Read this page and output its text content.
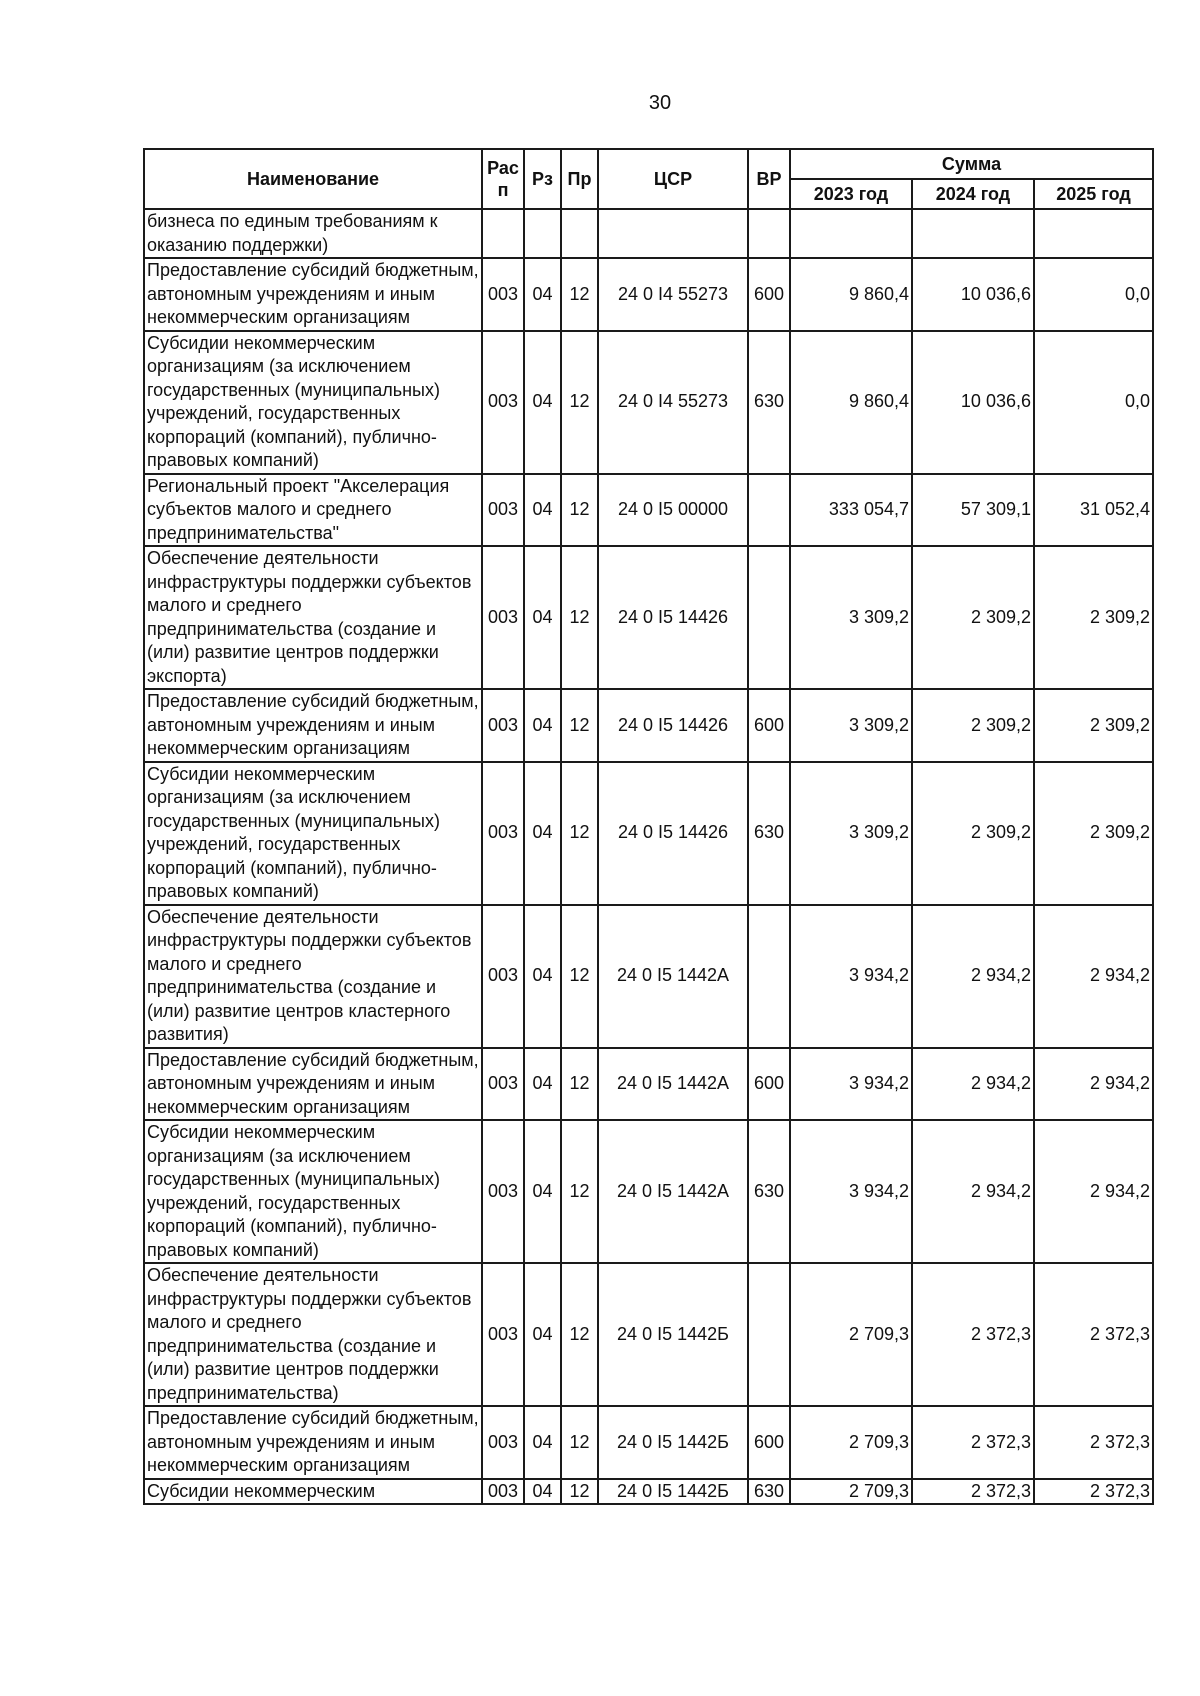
30
Наименование	Рас п	Рз	Пр	ЦСР	ВР	Сумма		
						2023 год	2024 год	2025 год
бизнеса по единым требованиям к оказанию поддержки)								
Предоставление субсидий бюджетным, автономным учреждениям и иным некоммерческим организациям	003	04	12	24 0 I4 55273	600	9 860,4	10 036,6	0,0
Субсидии некоммерческим организациям (за исключением государственных (муниципальных) учреждений, государственных корпораций (компаний), публично-правовых компаний)	003	04	12	24 0 I4 55273	630	9 860,4	10 036,6	0,0
Региональный проект "Акселерация субъектов малого и среднего предпринимательства"	003	04	12	24 0 I5 00000		333 054,7	57 309,1	31 052,4
Обеспечение деятельности инфраструктуры поддержки субъектов малого и среднего предпринимательства (создание и (или) развитие центров поддержки экспорта)	003	04	12	24 0 I5 14426		3 309,2	2 309,2	2 309,2
Предоставление субсидий бюджетным, автономным учреждениям и иным некоммерческим организациям	003	04	12	24 0 I5 14426	600	3 309,2	2 309,2	2 309,2
Субсидии некоммерческим организациям (за исключением государственных (муниципальных) учреждений, государственных корпораций (компаний), публично-правовых компаний)	003	04	12	24 0 I5 14426	630	3 309,2	2 309,2	2 309,2
Обеспечение деятельности инфраструктуры поддержки субъектов малого и среднего предпринимательства (создание и (или) развитие центров кластерного развития)	003	04	12	24 0 I5 1442А		3 934,2	2 934,2	2 934,2
Предоставление субсидий бюджетным, автономным учреждениям и иным некоммерческим организациям	003	04	12	24 0 I5 1442А	600	3 934,2	2 934,2	2 934,2
Субсидии некоммерческим организациям (за исключением государственных (муниципальных) учреждений, государственных корпораций (компаний), публично-правовых компаний)	003	04	12	24 0 I5 1442А	630	3 934,2	2 934,2	2 934,2
Обеспечение деятельности инфраструктуры поддержки субъектов малого и среднего предпринимательства (создание и (или) развитие центров поддержки предпринимательства)	003	04	12	24 0 I5 1442Б		2 709,3	2 372,3	2 372,3
Предоставление субсидий бюджетным, автономным учреждениям и иным некоммерческим организациям	003	04	12	24 0 I5 1442Б	600	2 709,3	2 372,3	2 372,3
Субсидии некоммерческим	003	04	12	24 0 I5 1442Б	630	2 709,3	2 372,3	2 372,3
